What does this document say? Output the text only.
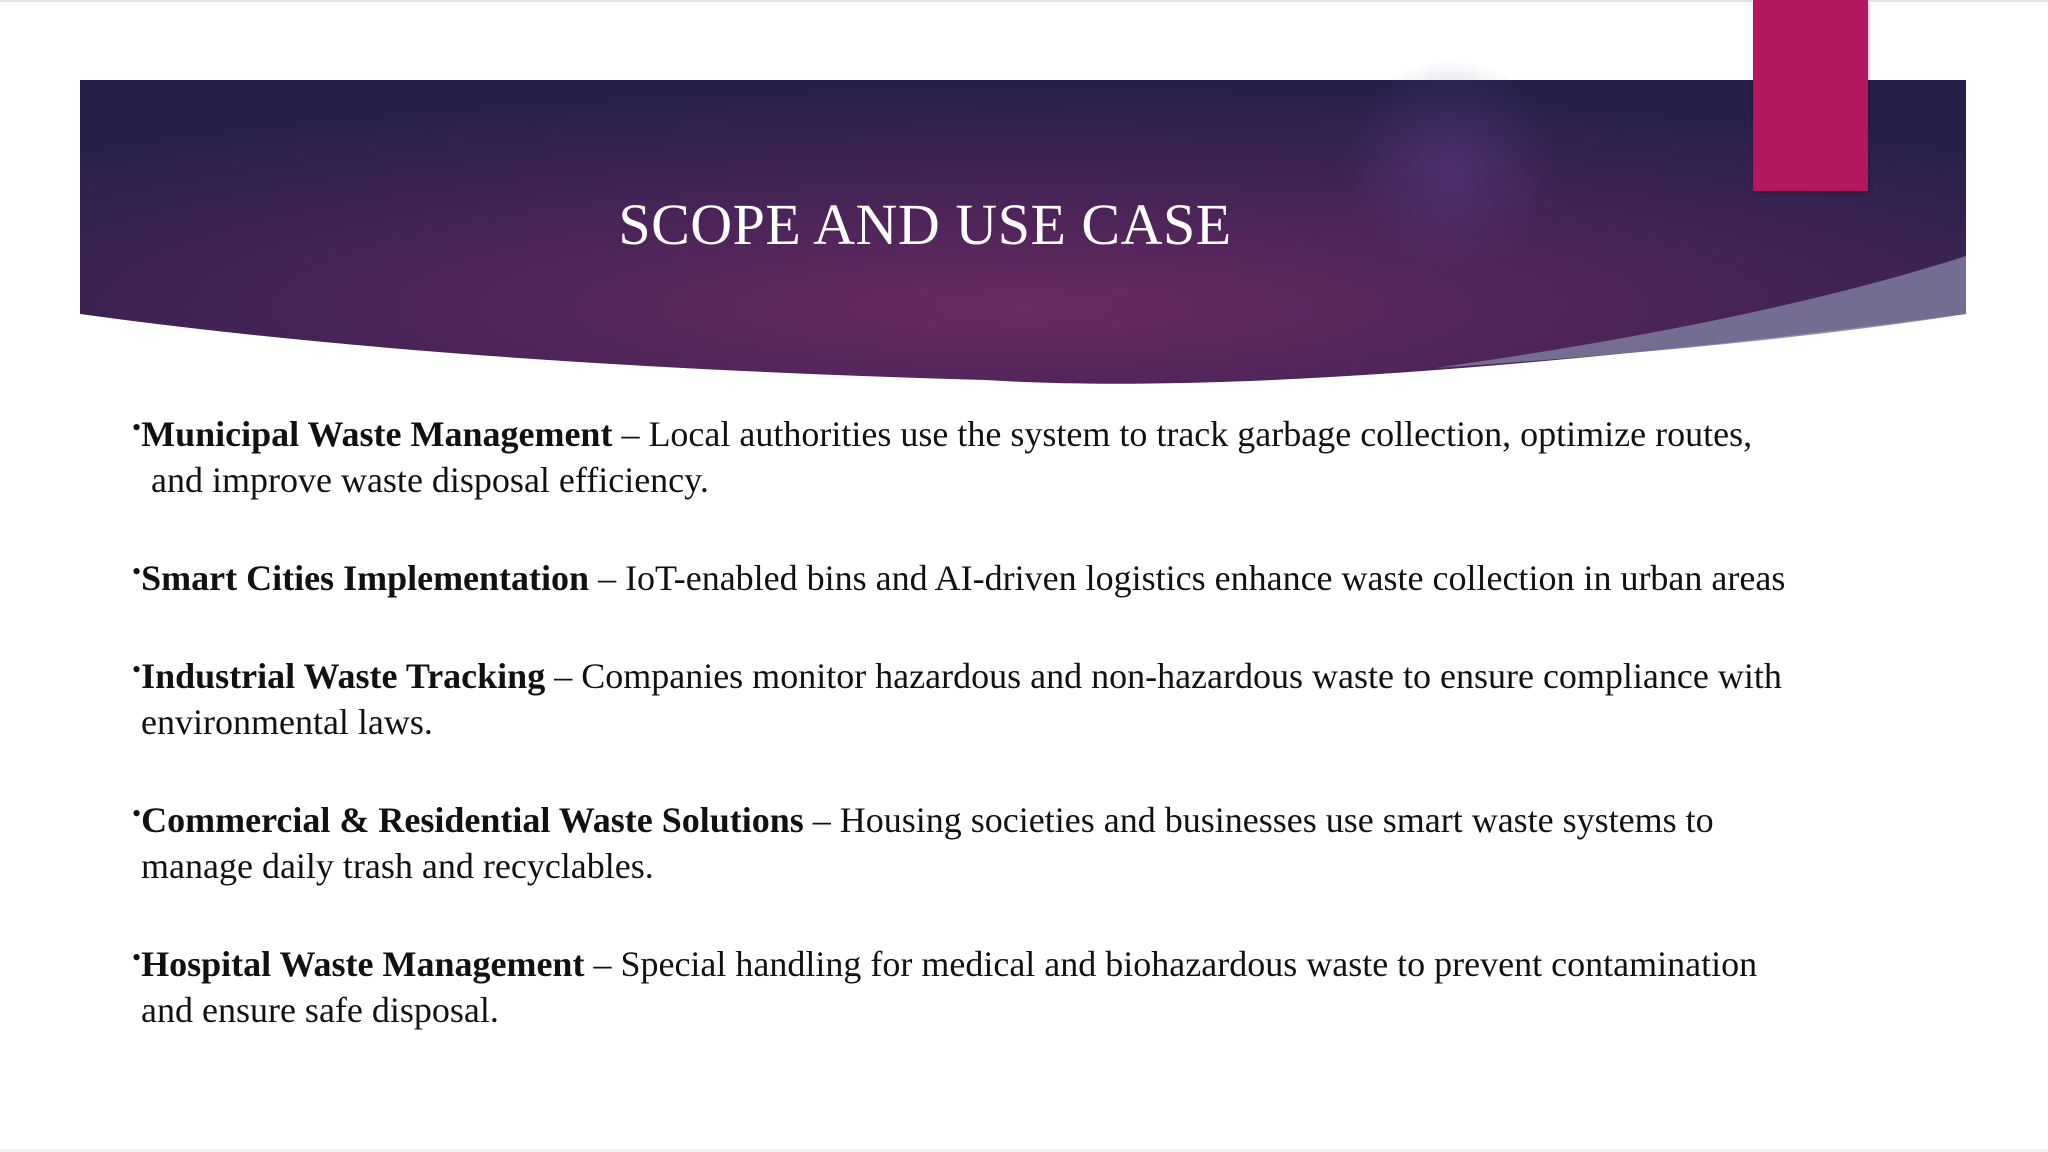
SCOPE AND USE CASE
•Municipal Waste Management – Local authorities use the system to track garbage collection, optimize routes,
and improve waste disposal efficiency.
•Smart Cities Implementation – IoT-enabled bins and AI-driven logistics enhance waste collection in urban areas
•Industrial Waste Tracking – Companies monitor hazardous and non-hazardous waste to ensure compliance with
environmental laws.
•Commercial & Residential Waste Solutions – Housing societies and businesses use smart waste systems to
manage daily trash and recyclables.
•Hospital Waste Management – Special handling for medical and biohazardous waste to prevent contamination
and ensure safe disposal.
